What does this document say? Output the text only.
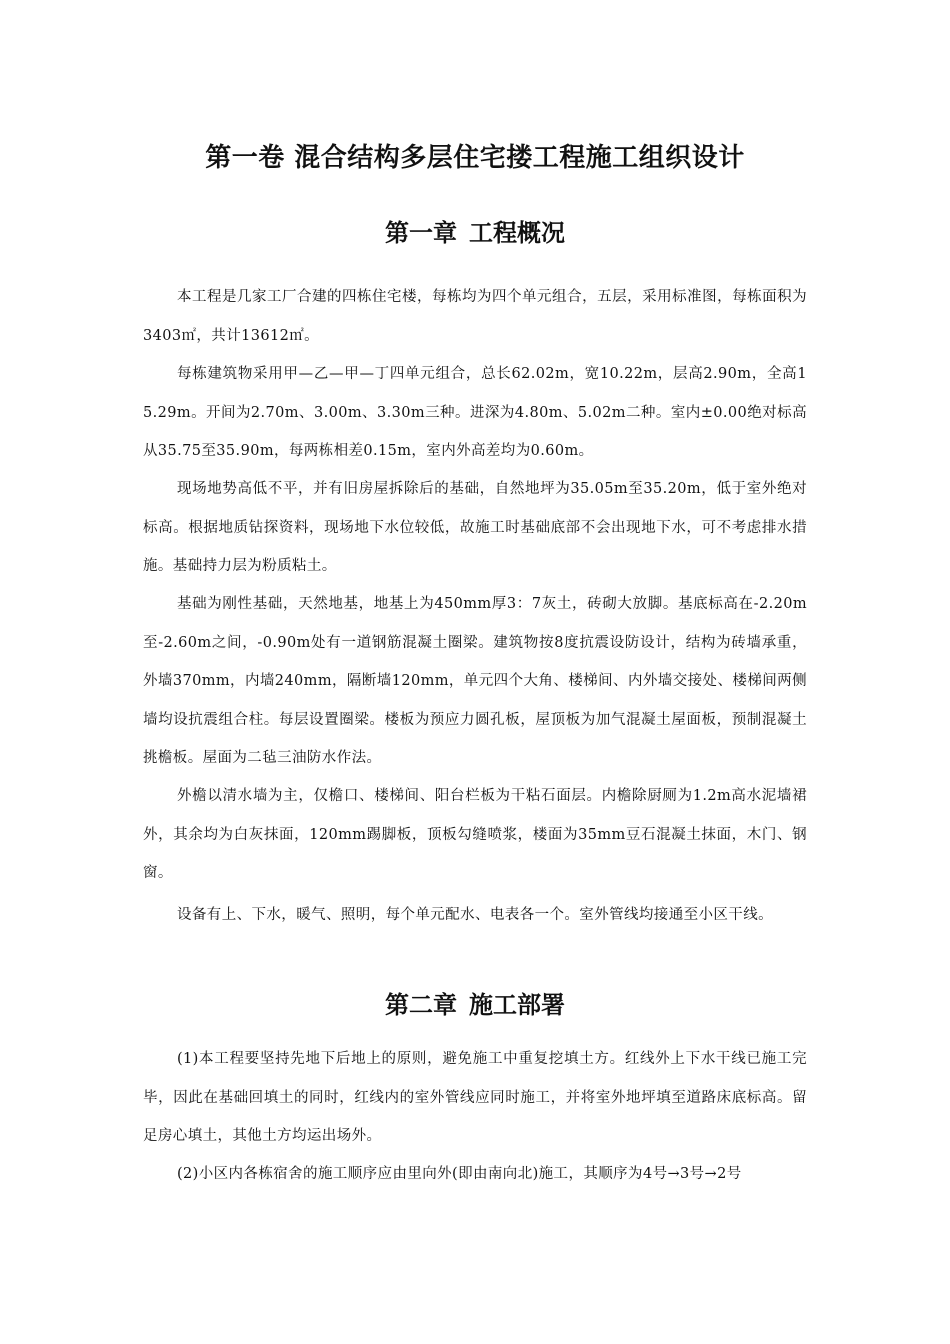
第一卷 混合结构多层住宅搂工程施工组织设计
第一章 工程概况

本工程是几家工厂合建的四栋住宅楼，每栋均为四个单元组合，五层，采用标准图，每栋面积为3403㎡，共计13612㎡。

每栋建筑物采用甲—乙—甲—丁四单元组合，总长62.02m，宽10.22m，层高2.90m，全高15.29m。开间为2.70m、3.00m、3.30m三种。进深为4.80m、5.02m二种。室内±0.00绝对标高从35.75至35.90m，每两栋相差0.15m，室内外高差均为0.60m。

现场地势高低不平，并有旧房屋拆除后的基础，自然地坪为35.05m至35.20m，低于室外绝对标高。根据地质钻探资料，现场地下水位较低，故施工时基础底部不会出现地下水，可不考虑排水措施。基础持力层为粉质粘土。

基础为刚性基础，天然地基，地基上为450mm厚3：7灰土，砖砌大放脚。基底标高在-2.20m至-2.60m之间，-0.90m处有一道钢筋混凝土圈梁。建筑物按8度抗震设防设计，结构为砖墙承重，外墙370mm，内墙240mm，隔断墙120mm，单元四个大角、楼梯间、内外墙交接处、楼梯间两侧墙均设抗震组合柱。每层设置圈梁。楼板为预应力圆孔板，屋顶板为加气混凝土屋面板，预制混凝土挑檐板。屋面为二毡三油防水作法。

外檐以清水墙为主，仅檐口、楼梯间、阳台栏板为干粘石面层。内檐除厨厕为1.2m高水泥墙裙外，其余均为白灰抹面，120mm踢脚板，顶板勾缝喷浆，楼面为35mm豆石混凝土抹面，木门、钢窗。

设备有上、下水，暖气、照明，每个单元配水、电表各一个。室外管线均接通至小区干线。

第二章 施工部署

(1)本工程要坚持先地下后地上的原则，避免施工中重复挖填土方。红线外上下水干线已施工完毕，因此在基础回填土的同时，红线内的室外管线应同时施工，并将室外地坪填至道路床底标高。留足房心填土，其他土方均运出场外。

(2)小区内各栋宿舍的施工顺序应由里向外(即由南向北)施工，其顺序为4号→3号→2号
